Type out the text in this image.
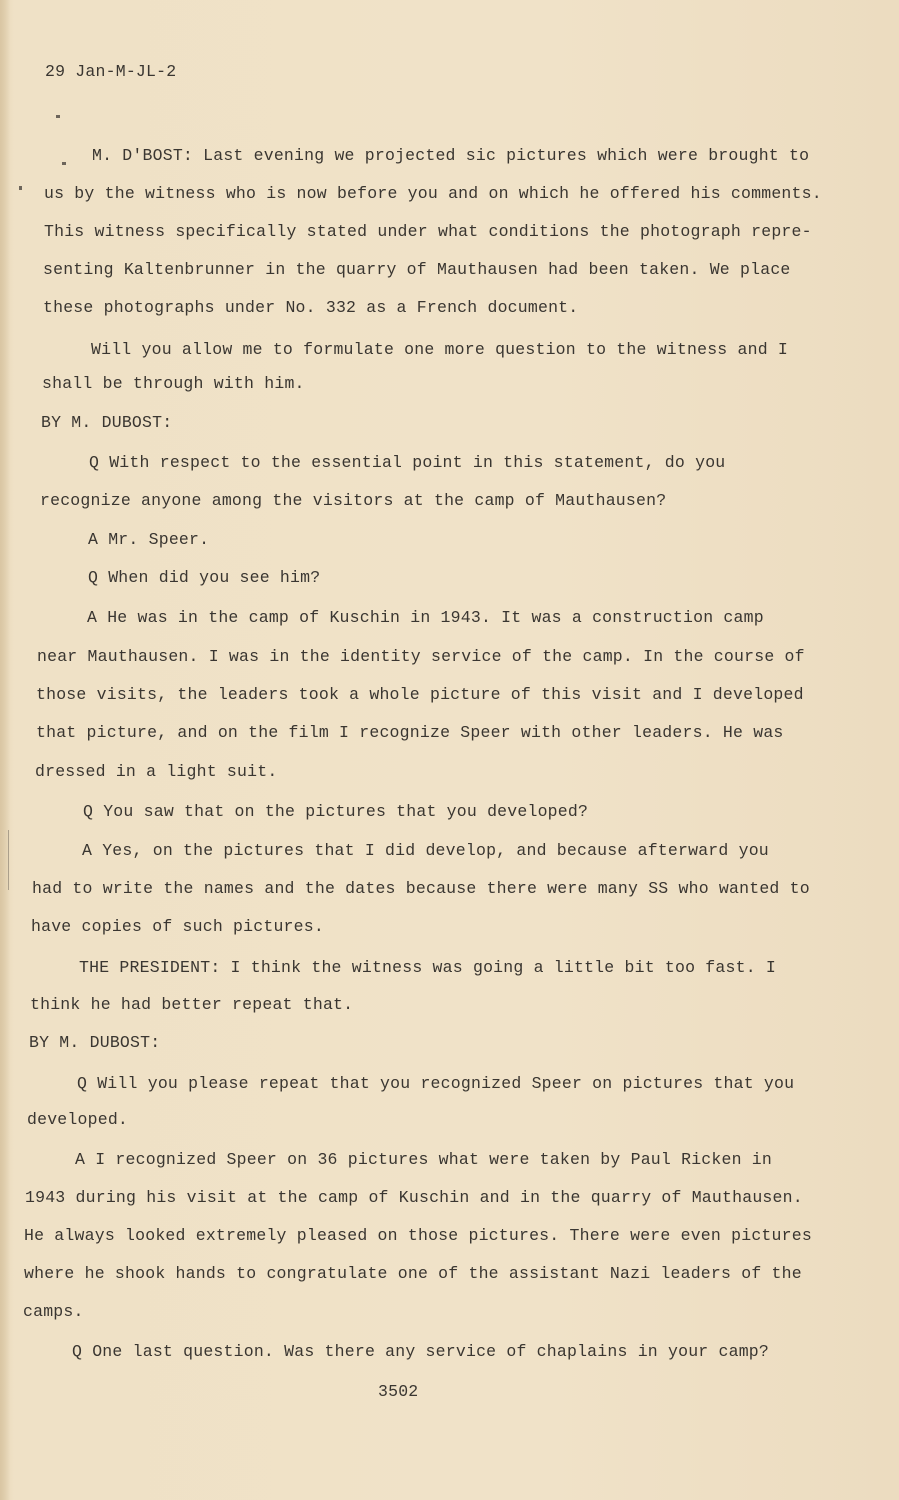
29 Jan-M-JL-2
M. D'BOST: Last evening we projected sic pictures which were brought to
us by the witness who is now before you and on which he offered his comments.
This witness specifically stated under what conditions the photograph repre-
senting Kaltenbrunner in the quarry of Mauthausen had been taken. We place
these photographs under No. 332 as a French document.
Will you allow me to formulate one more question to the witness and I
shall be through with him.
BY M. DUBOST:
Q With respect to the essential point in this statement, do you
recognize anyone among the visitors at the camp of Mauthausen?
A Mr. Speer.
Q When did you see him?
A He was in the camp of Kuschin in 1943. It was a construction camp
near Mauthausen. I was in the identity service of the camp. In the course of
those visits, the leaders took a whole picture of this visit and I developed
that picture, and on the film I recognize Speer with other leaders. He was
dressed in a light suit.
Q You saw that on the pictures that you developed?
A Yes, on the pictures that I did develop, and because afterward you
had to write the names and the dates because there were many SS who wanted to
have copies of such pictures.
THE PRESIDENT: I think the witness was going a little bit too fast. I
think he had better repeat that.
BY M. DUBOST:
Q Will you please repeat that you recognized Speer on pictures that you
developed.
A I recognized Speer on 36 pictures what were taken by Paul Ricken in
1943 during his visit at the camp of Kuschin and in the quarry of Mauthausen.
He always looked extremely pleased on those pictures. There were even pictures
where he shook hands to congratulate one of the assistant Nazi leaders of the
camps.
Q One last question. Was there any service of chaplains in your camp?
3502
